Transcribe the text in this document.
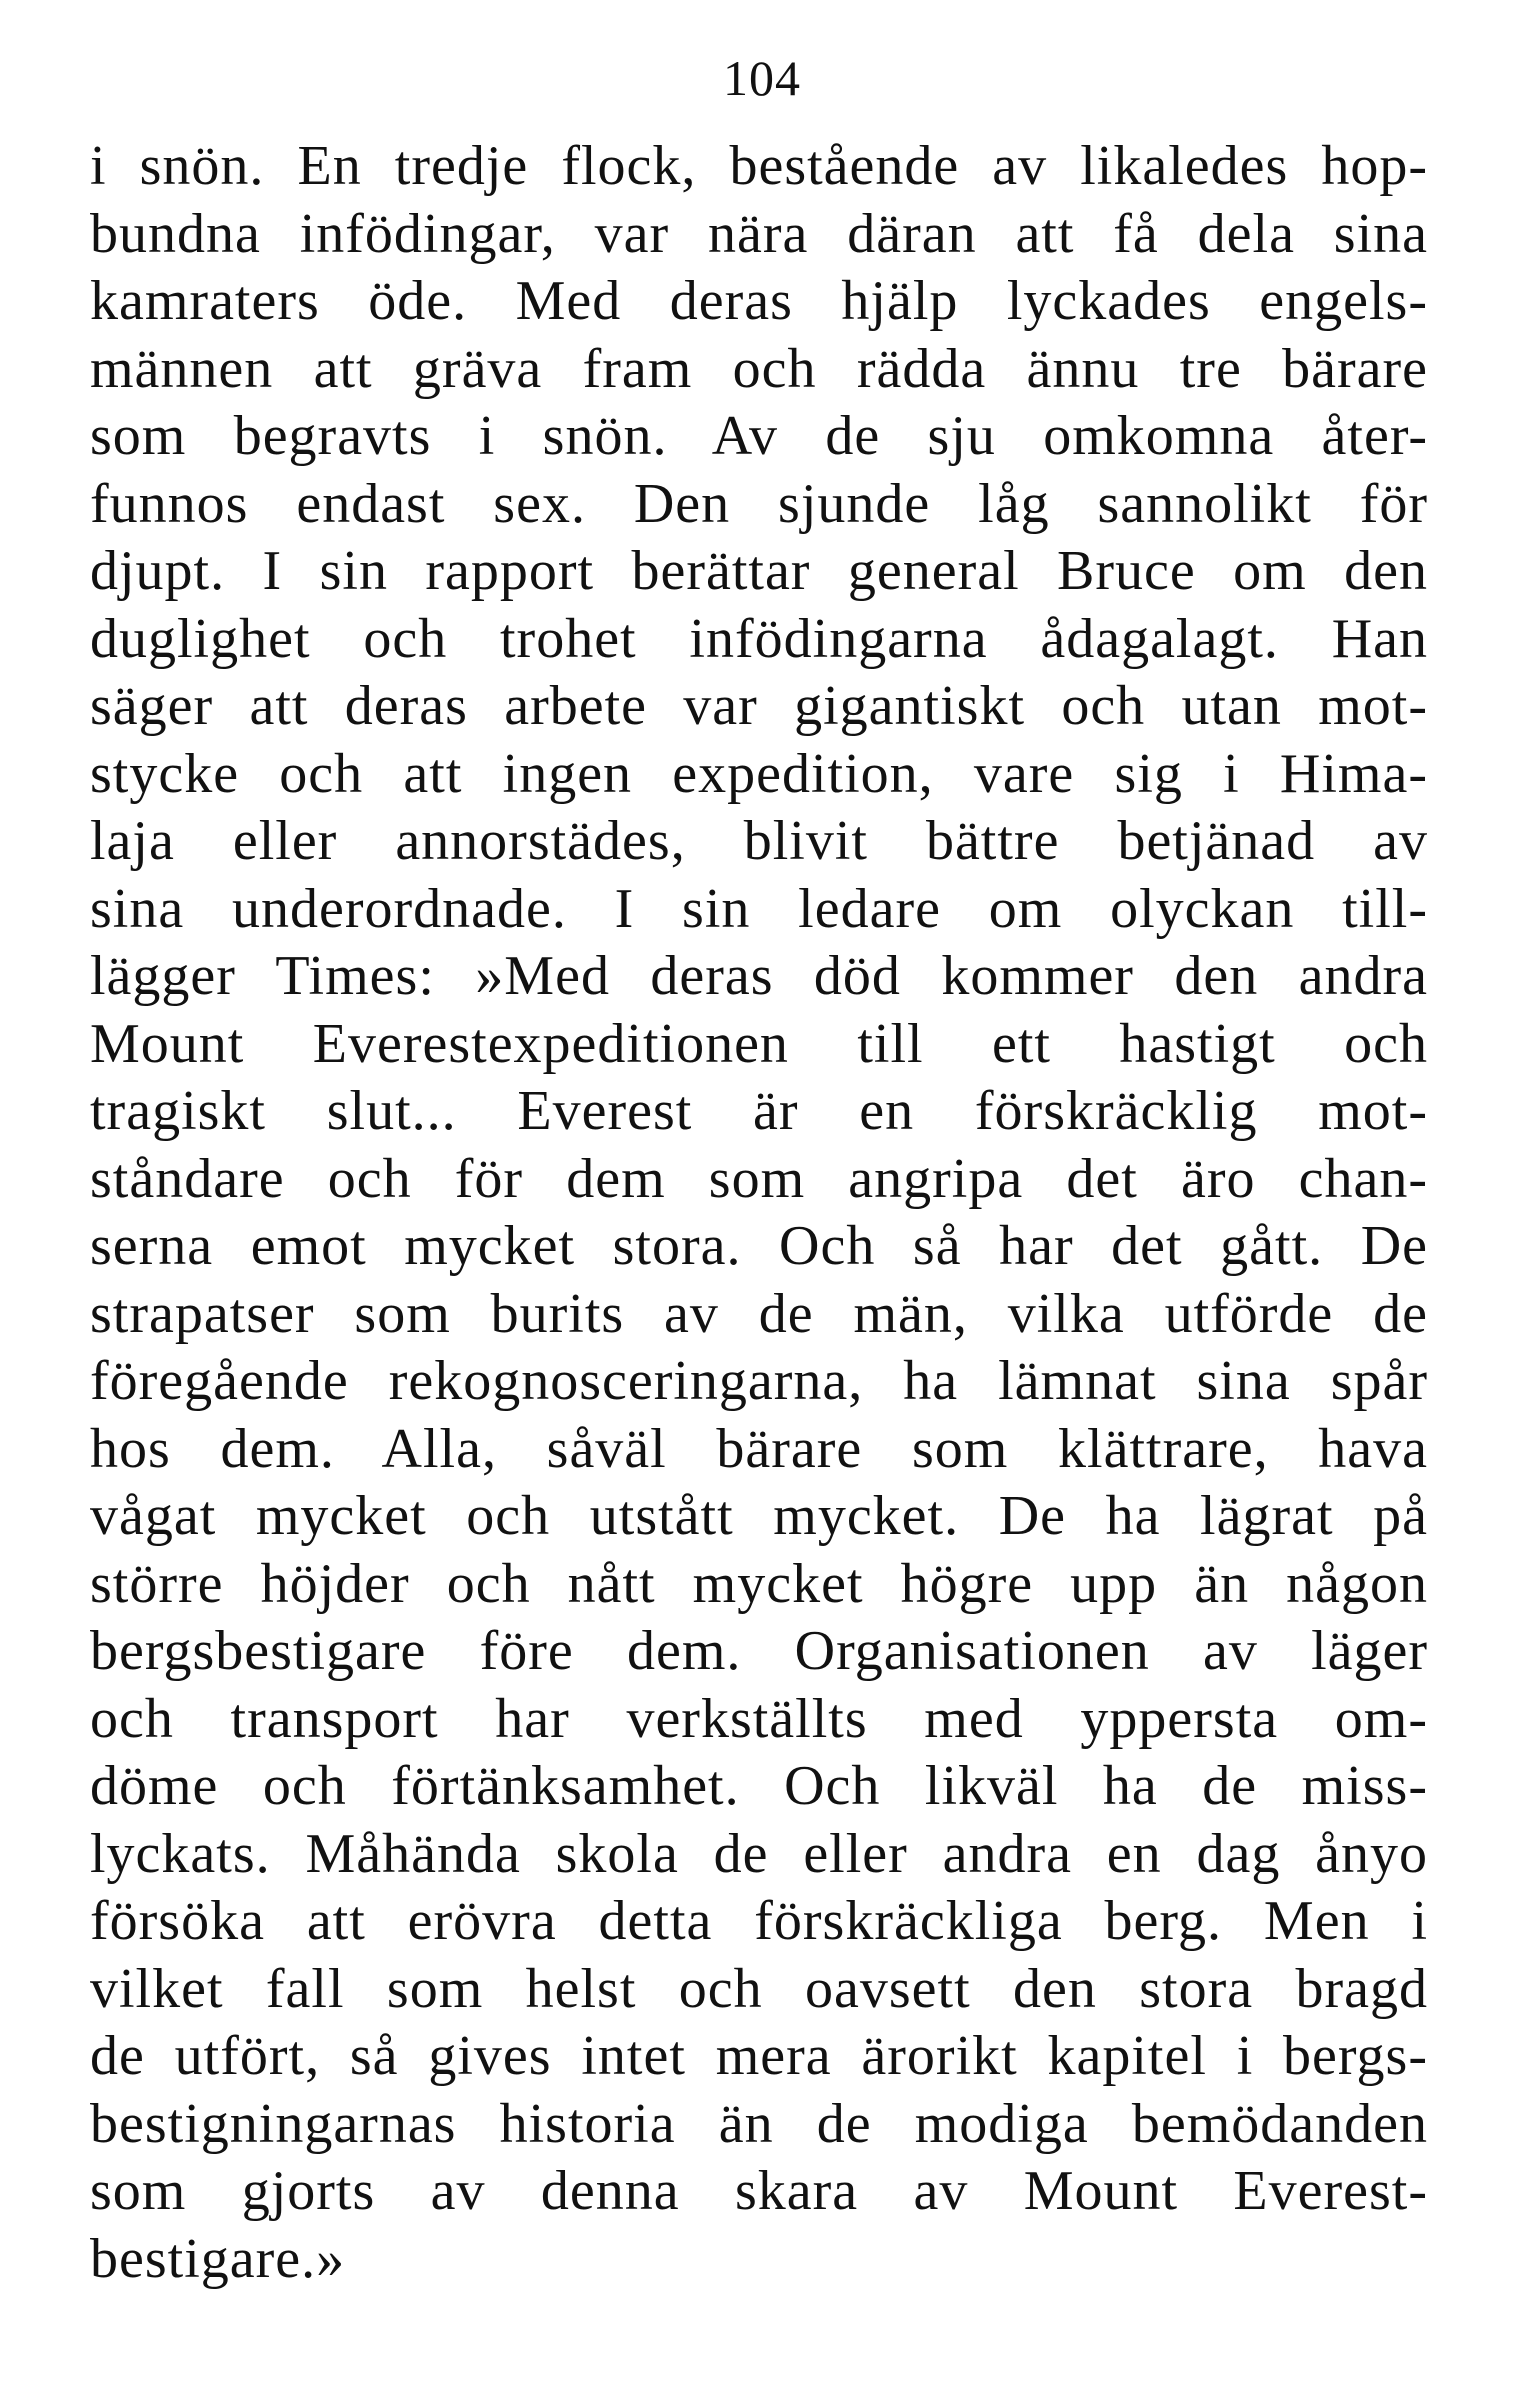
104
i snön. En tredje flock, bestående av likaledes hop-
bundna infödingar, var nära däran att få dela sina
kamraters öde. Med deras hjälp lyckades engels-
männen att gräva fram och rädda ännu tre bärare
som begravts i snön. Av de sju omkomna åter-
funnos endast sex. Den sjunde låg sannolikt för
djupt. I sin rapport berättar general Bruce om den
duglighet och trohet infödingarna ådagalagt. Han
säger att deras arbete var gigantiskt och utan mot-
stycke och att ingen expedition, vare sig i Hima-
laja eller annorstädes, blivit bättre betjänad av
sina underordnade. I sin ledare om olyckan till-
lägger Times: »Med deras död kommer den andra
Mount Everestexpeditionen till ett hastigt och
tragiskt slut... Everest är en förskräcklig mot-
ståndare och för dem som angripa det äro chan-
serna emot mycket stora. Och så har det gått. De
strapatser som burits av de män, vilka utförde de
föregående rekognosceringarna, ha lämnat sina spår
hos dem. Alla, såväl bärare som klättrare, hava
vågat mycket och utstått mycket. De ha lägrat på
större höjder och nått mycket högre upp än någon
bergsbestigare före dem. Organisationen av läger
och transport har verkställts med yppersta om-
döme och förtänksamhet. Och likväl ha de miss-
lyckats. Måhända skola de eller andra en dag ånyo
försöka att erövra detta förskräckliga berg. Men i
vilket fall som helst och oavsett den stora bragd
de utfört, så gives intet mera ärorikt kapitel i bergs-
bestigningarnas historia än de modiga bemödanden
som gjorts av denna skara av Mount Everest-
bestigare.»
